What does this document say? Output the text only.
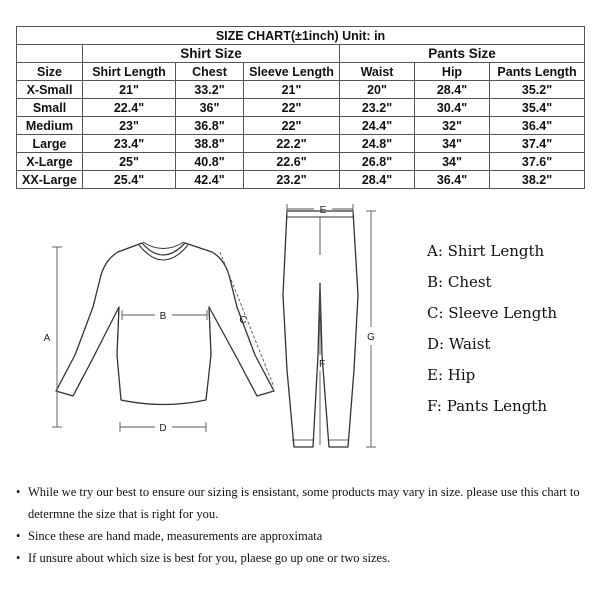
SIZE CHART(±1inch) Unit: in						
	Shirt Size			Pants Size		
Size	Shirt Length	Chest	Sleeve Length	Waist	Hip	Pants Length
X-Small	21"	33.2"	21"	20"	28.4"	35.2"
Small	22.4"	36"	22"	23.2"	30.4"	35.4"
Medium	23"	36.8"	22"	24.4"	32"	36.4"
Large	23.4"	38.8"	22.2"	24.8"	34"	37.4"
X-Large	25"	40.8"	22.6"	26.8"	34"	37.6"
XX-Large	25.4"	42.4"	23.2"	28.4"	36.4"	38.2"
A
B	C
D
E
F
G
A: Shirt Length
B: Chest
C: Sleeve Length
D: Waist
E: Hip
F: Pants Length
• While we try our best to ensure our sizing is ensistant, some products may vary in size. please use this chart to determne the size that is right for you.
• Since these are hand made, measurements are approximata
• If unsure about which size is best for you, plaese go up one or two sizes.
